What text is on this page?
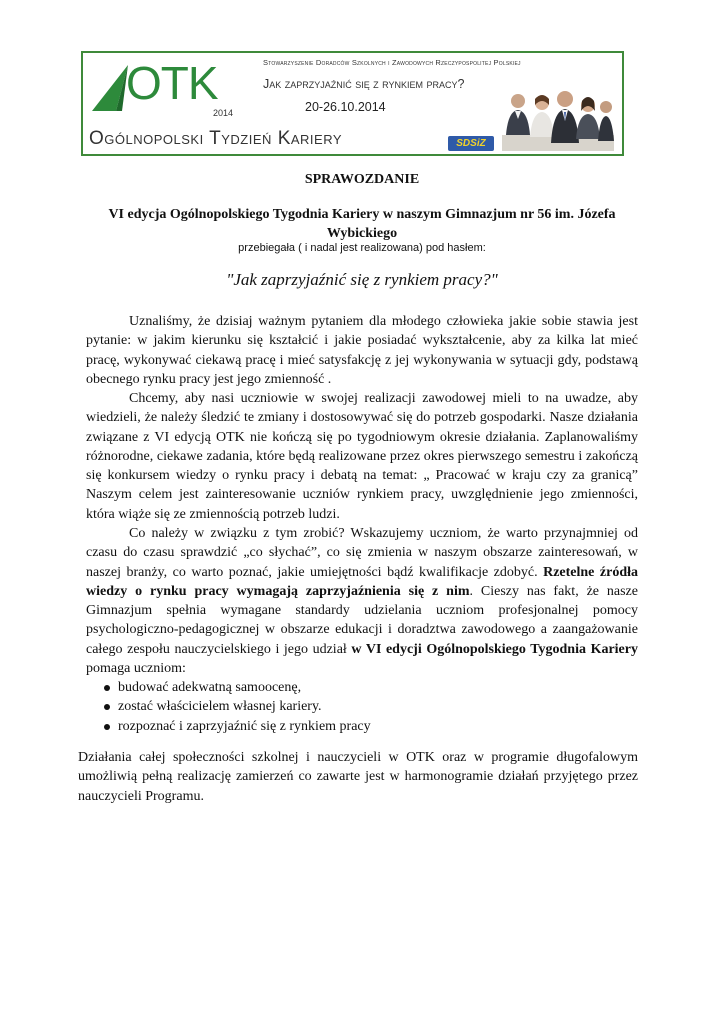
OTK
2014
Stowarzyszenie Doradców Szkolnych i Zawodowych Rzeczypospolitej Polskiej
Jak zaprzyjaźnić się z rynkiem pracy?
20-26.10.2014
Ogólnopolski Tydzień Kariery	SDSiZ
SPRAWOZDANIE
VI edycja Ogólnopolskiego Tygodnia Kariery w naszym Gimnazjum nr 56 im. Józefa Wybickiego
przebiegała ( i nadal jest realizowana) pod hasłem:
"Jak zaprzyjaźnić się z rynkiem pracy?"

Uznaliśmy, że dzisiaj ważnym pytaniem dla młodego człowieka jakie sobie stawia jest pytanie: w jakim kierunku się kształcić i jakie posiadać wykształcenie, aby za kilka lat mieć pracę, wykonywać ciekawą pracę i mieć satysfakcję z jej wykonywania w sytuacji gdy, podstawą obecnego rynku pracy jest jego zmienność .

Chcemy, aby nasi uczniowie w swojej realizacji zawodowej mieli to na uwadze, aby wiedzieli, że należy śledzić te zmiany i dostosowywać się do potrzeb gospodarki. Nasze działania związane z VI edycją OTK nie kończą się po tygodniowym okresie działania. Zaplanowaliśmy różnorodne, ciekawe zadania, które będą realizowane przez okres pierwszego semestru i zakończą się konkursem wiedzy o rynku pracy i debatą na temat: „ Pracować w kraju czy za granicą” Naszym celem jest zainteresowanie uczniów rynkiem pracy, uwzględnienie jego zmienności, która wiąże się ze zmiennością potrzeb ludzi.

Co należy w związku z tym zrobić? Wskazujemy uczniom, że warto przynajmniej od czasu do czasu sprawdzić „co słychać”, co się zmienia w naszym obszarze zainteresowań, w naszej branży, co warto poznać, jakie umiejętności bądź kwalifikacje zdobyć. Rzetelne źródła wiedzy o rynku pracy wymagają zaprzyjaźnienia się z nim. Cieszy nas fakt, że nasze Gimnazjum spełnia wymagane standardy udzielania uczniom profesjonalnej pomocy psychologiczno-pedagogicznej w obszarze edukacji i doradztwa zawodowego a zaangażowanie całego zespołu nauczycielskiego i jego udział w VI edycji Ogólnopolskiego Tygodnia Kariery pomaga uczniom:

budować adekwatną samoocenę,
zostać właścicielem własnej kariery.
rozpoznać i zaprzyjaźnić się z rynkiem pracy

Działania całej społeczności szkolnej i nauczycieli w OTK oraz w programie długofalowym umożliwią pełną realizację zamierzeń co zawarte jest w harmonogramie działań przyjętego przez nauczycieli Programu.
